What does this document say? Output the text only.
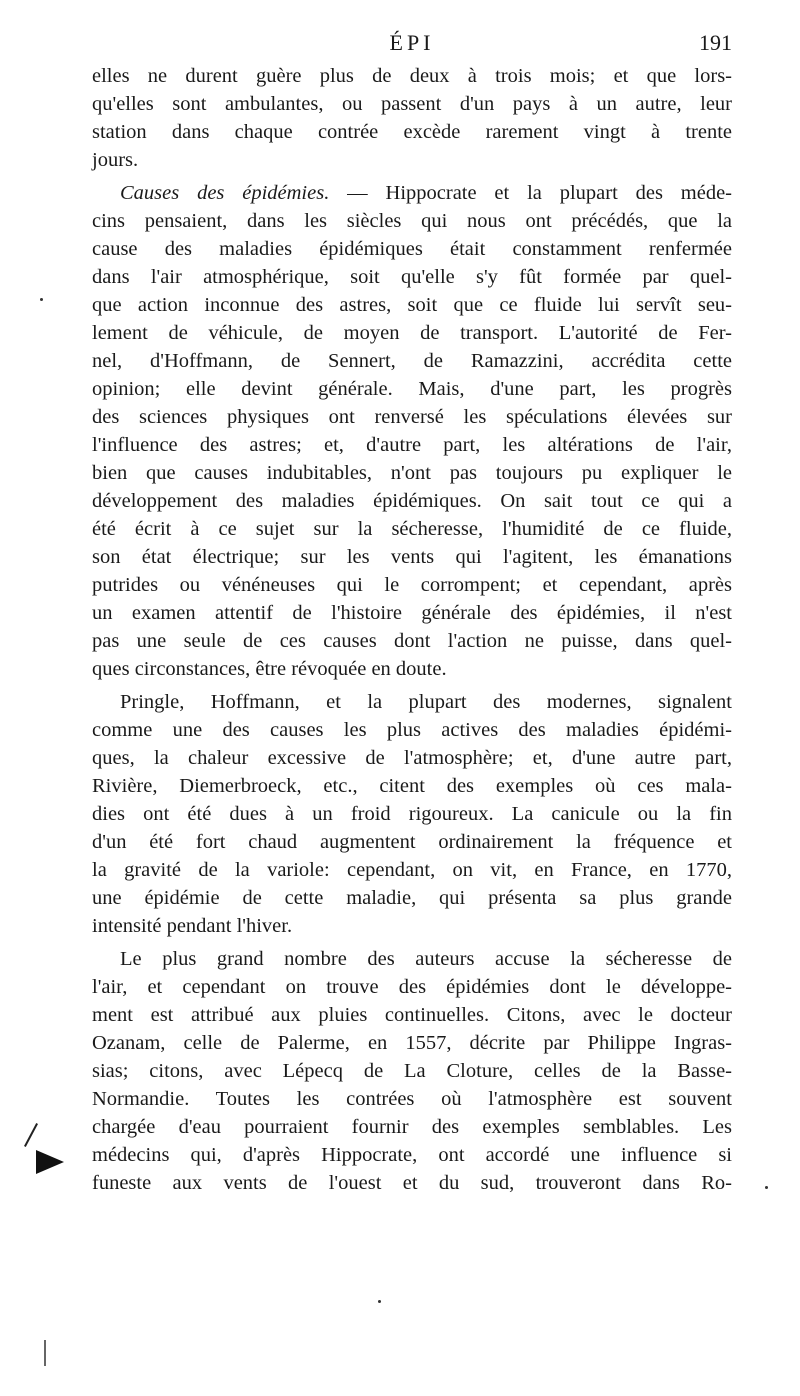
ÉPI	191
elles ne durent guère plus de deux à trois mois; et que lors-
qu'elles sont ambulantes, ou passent d'un pays à un autre, leur
station dans chaque contrée excède rarement vingt à trente
jours.
Causes des épidémies. — Hippocrate et la plupart des méde-
cins pensaient, dans les siècles qui nous ont précédés, que la
cause des maladies épidémiques était constamment renfermée
dans l'air atmosphérique, soit qu'elle s'y fût formée par quel-
que action inconnue des astres, soit que ce fluide lui servît seu-
lement de véhicule, de moyen de transport. L'autorité de Fer-
nel, d'Hoffmann, de Sennert, de Ramazzini, accrédita cette
opinion; elle devint générale. Mais, d'une part, les progrès
des sciences physiques ont renversé les spéculations élevées sur
l'influence des astres; et, d'autre part, les altérations de l'air,
bien que causes indubitables, n'ont pas toujours pu expliquer le
développement des maladies épidémiques. On sait tout ce qui a
été écrit à ce sujet sur la sécheresse, l'humidité de ce fluide,
son état électrique; sur les vents qui l'agitent, les émanations
putrides ou vénéneuses qui le corrompent; et cependant, après
un examen attentif de l'histoire générale des épidémies, il n'est
pas une seule de ces causes dont l'action ne puisse, dans quel-
ques circonstances, être révoquée en doute.
Pringle, Hoffmann, et la plupart des modernes, signalent
comme une des causes les plus actives des maladies épidémi-
ques, la chaleur excessive de l'atmosphère; et, d'une autre part,
Rivière, Diemerbroeck, etc., citent des exemples où ces mala-
dies ont été dues à un froid rigoureux. La canicule ou la fin
d'un été fort chaud augmentent ordinairement la fréquence et
la gravité de la variole: cependant, on vit, en France, en 1770,
une épidémie de cette maladie, qui présenta sa plus grande
intensité pendant l'hiver.
Le plus grand nombre des auteurs accuse la sécheresse de
l'air, et cependant on trouve des épidémies dont le développe-
ment est attribué aux pluies continuelles. Citons, avec le docteur
Ozanam, celle de Palerme, en 1557, décrite par Philippe Ingras-
sias; citons, avec Lépecq de La Cloture, celles de la Basse-
Normandie. Toutes les contrées où l'atmosphère est souvent
chargée d'eau pourraient fournir des exemples semblables. Les
médecins qui, d'après Hippocrate, ont accordé une influence si
funeste aux vents de l'ouest et du sud, trouveront dans Ro-
